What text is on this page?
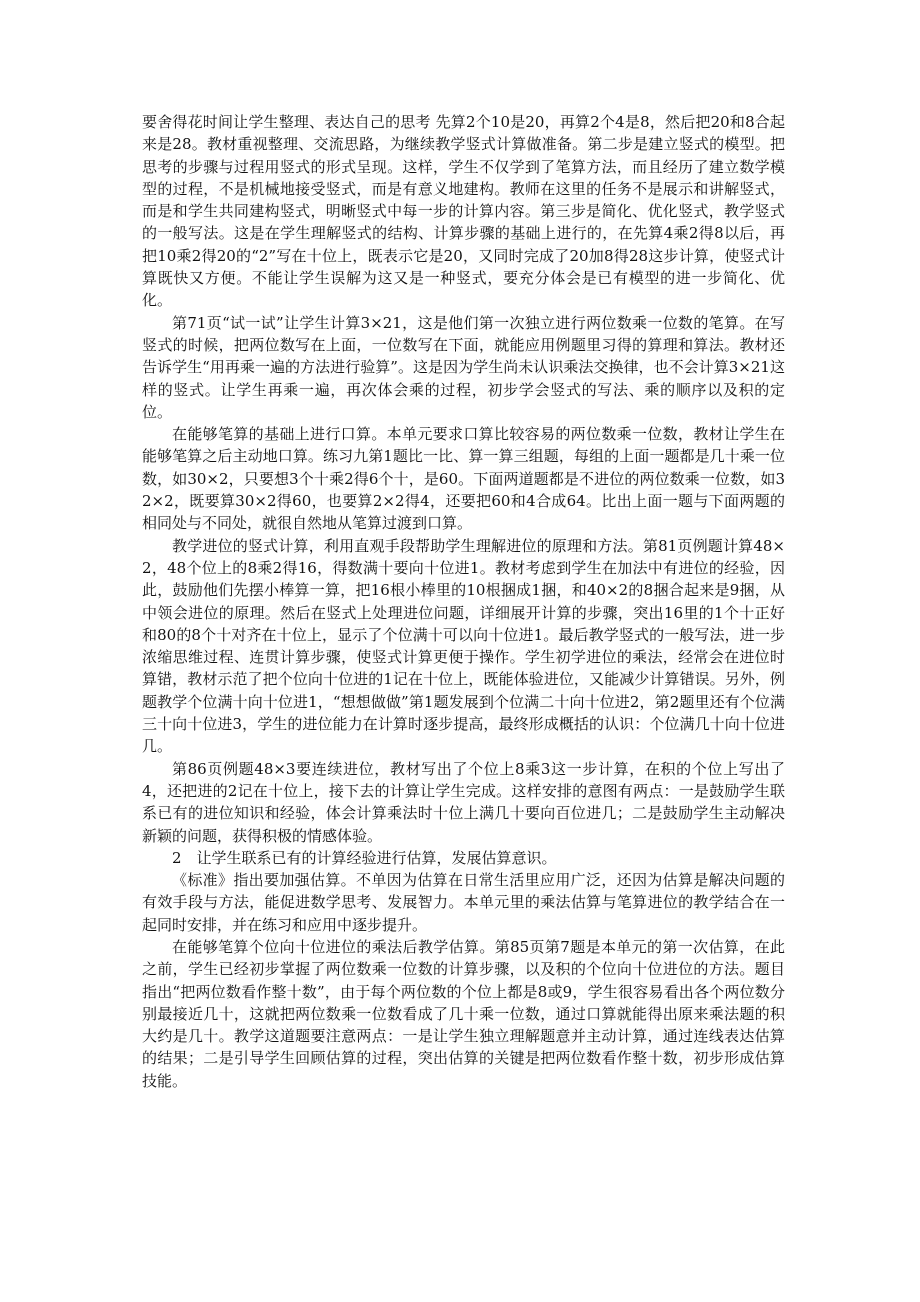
要舍得花时间让学生整理、表达自己的思考 先算2个10是20，再算2个4是8，然后把20和8合起来是28。教材重视整理、交流思路，为继续教学竖式计算做准备。第二步是建立竖式的模型。把思考的步骤与过程用竖式的形式呈现。这样，学生不仅学到了笔算方法，而且经历了建立数学模型的过程，不是机械地接受竖式，而是有意义地建构。教师在这里的任务不是展示和讲解竖式，而是和学生共同建构竖式，明晰竖式中每一步的计算内容。第三步是简化、优化竖式，教学竖式的一般写法。这是在学生理解竖式的结构、计算步骤的基础上进行的，在先算4乘2得8以后，再把10乘2得20的“2”写在十位上，既表示它是20，又同时完成了20加8得28这步计算，使竖式计算既快又方便。不能让学生误解为这又是一种竖式，要充分体会是已有模型的进一步简化、优化。

第71页“试一试”让学生计算3×21，这是他们第一次独立进行两位数乘一位数的笔算。在写竖式的时候，把两位数写在上面，一位数写在下面，就能应用例题里习得的算理和算法。教材还告诉学生“用再乘一遍的方法进行验算”。这是因为学生尚未认识乘法交换律，也不会计算3×21这样的竖式。让学生再乘一遍，再次体会乘的过程，初步学会竖式的写法、乘的顺序以及积的定位。

在能够笔算的基础上进行口算。本单元要求口算比较容易的两位数乘一位数，教材让学生在能够笔算之后主动地口算。练习九第1题比一比、算一算三组题，每组的上面一题都是几十乘一位数，如30×2，只要想3个十乘2得6个十，是60。下面两道题都是不进位的两位数乘一位数，如32×2，既要算30×2得60，也要算2×2得4，还要把60和4合成64。比出上面一题与下面两题的相同处与不同处，就很自然地从笔算过渡到口算。

教学进位的竖式计算，利用直观手段帮助学生理解进位的原理和方法。第81页例题计算48×2，48个位上的8乘2得16，得数满十要向十位进1。教材考虑到学生在加法中有进位的经验，因此，鼓励他们先摆小棒算一算，把16根小棒里的10根捆成1捆，和40×2的8捆合起来是9捆，从中领会进位的原理。然后在竖式上处理进位问题，详细展开计算的步骤，突出16里的1个十正好和80的8个十对齐在十位上，显示了个位满十可以向十位进1。最后教学竖式的一般写法，进一步浓缩思维过程、连贯计算步骤，使竖式计算更便于操作。学生初学进位的乘法，经常会在进位时算错，教材示范了把个位向十位进的1记在十位上，既能体验进位，又能减少计算错误。另外，例题教学个位满十向十位进1，“想想做做”第1题发展到个位满二十向十位进2，第2题里还有个位满三十向十位进3，学生的进位能力在计算时逐步提高，最终形成概括的认识：个位满几十向十位进几。

第86页例题48×3要连续进位，教材写出了个位上8乘3这一步计算，在积的个位上写出了4，还把进的2记在十位上，接下去的计算让学生完成。这样安排的意图有两点：一是鼓励学生联系已有的进位知识和经验，体会计算乘法时十位上满几十要向百位进几；二是鼓励学生主动解决新颖的问题，获得积极的情感体验。

2　让学生联系已有的计算经验进行估算，发展估算意识。

《标准》指出要加强估算。不单因为估算在日常生活里应用广泛，还因为估算是解决问题的有效手段与方法，能促进数学思考、发展智力。本单元里的乘法估算与笔算进位的教学结合在一起同时安排，并在练习和应用中逐步提升。

在能够笔算个位向十位进位的乘法后教学估算。第85页第7题是本单元的第一次估算，在此之前，学生已经初步掌握了两位数乘一位数的计算步骤，以及积的个位向十位进位的方法。题目指出“把两位数看作整十数”，由于每个两位数的个位上都是8或9，学生很容易看出各个两位数分别最接近几十，这就把两位数乘一位数看成了几十乘一位数，通过口算就能得出原来乘法题的积大约是几十。教学这道题要注意两点：一是让学生独立理解题意并主动计算，通过连线表达估算的结果；二是引导学生回顾估算的过程，突出估算的关键是把两位数看作整十数，初步形成估算技能。
